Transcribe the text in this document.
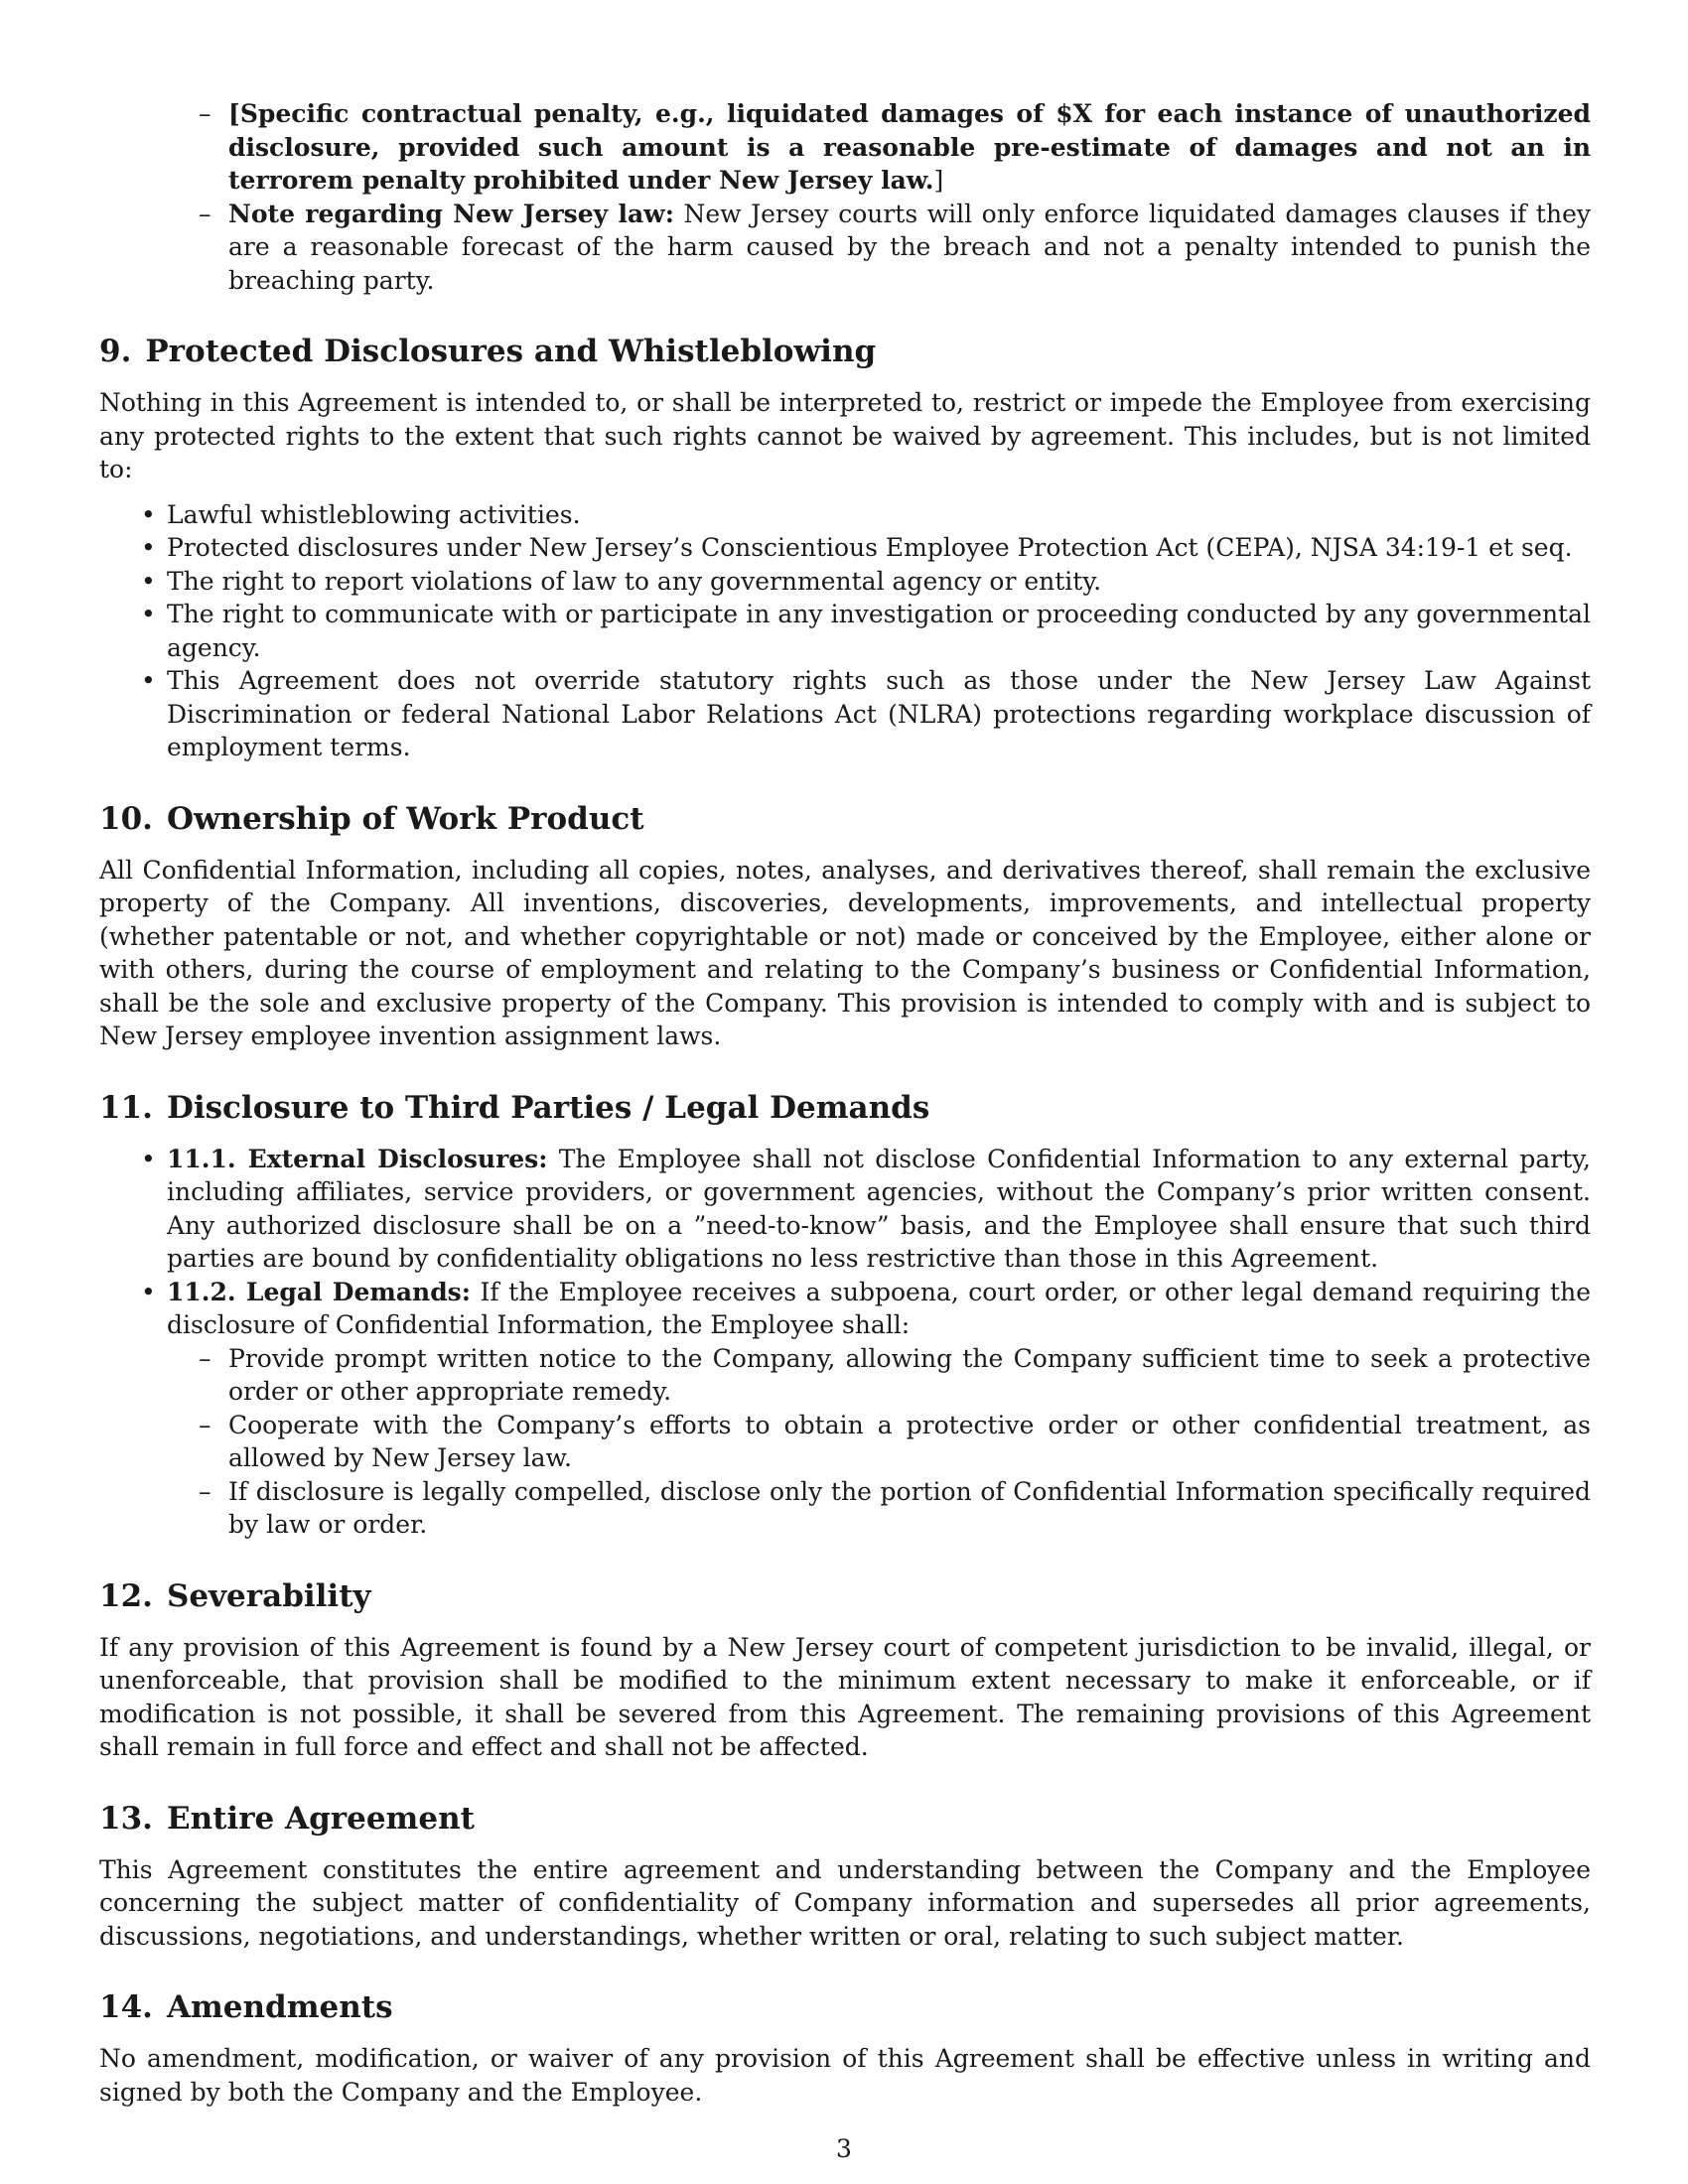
– [Specific contractual penalty, e.g., liquidated damages of $X for each instance of unauthorized disclosure, provided such amount is a reasonable pre-estimate of damages and not an in terrorem penalty prohibited under New Jersey law.]
– Note regarding New Jersey law: New Jersey courts will only enforce liquidated damages clauses if they are a reasonable forecast of the harm caused by the breach and not a penalty intended to punish the breaching party.
9. Protected Disclosures and Whistleblowing

Nothing in this Agreement is intended to, or shall be interpreted to, restrict or impede the Employee from exercising any protected rights to the extent that such rights cannot be waived by agreement. This includes, but is not limited to:

• Lawful whistleblowing activities.
• Protected disclosures under New Jersey’s Conscientious Employee Protection Act (CEPA), NJSA 34:19-1 et seq.
• The right to report violations of law to any governmental agency or entity.
• The right to communicate with or participate in any investigation or proceeding conducted by any governmental agency.
• This Agreement does not override statutory rights such as those under the New Jersey Law Against Discrimination or federal National Labor Relations Act (NLRA) protections regarding workplace discussion of employment terms.
10. Ownership of Work Product

All Confidential Information, including all copies, notes, analyses, and derivatives thereof, shall remain the exclusive property of the Company. All inventions, discoveries, developments, improvements, and intellectual property (whether patentable or not, and whether copyrightable or not) made or conceived by the Employee, either alone or with others, during the course of employment and relating to the Company’s business or Confidential Information, shall be the sole and exclusive property of the Company. This provision is intended to comply with and is subject to New Jersey employee invention assignment laws.

11. Disclosure to Third Parties / Legal Demands
• 11.1. External Disclosures: The Employee shall not disclose Confidential Information to any external party, including affiliates, service providers, or government agencies, without the Company’s prior written consent. Any authorized disclosure shall be on a ”need-to-know” basis, and the Employee shall ensure that such third parties are bound by confidentiality obligations no less restrictive than those in this Agreement.
• 11.2. Legal Demands: If the Employee receives a subpoena, court order, or other legal demand requiring the disclosure of Confidential Information, the Employee shall:
– Provide prompt written notice to the Company, allowing the Company sufficient time to seek a protective order or other appropriate remedy.
– Cooperate with the Company’s efforts to obtain a protective order or other confidential treatment, as allowed by New Jersey law.
– If disclosure is legally compelled, disclose only the portion of Confidential Information specifically required by law or order.
12. Severability

If any provision of this Agreement is found by a New Jersey court of competent jurisdiction to be invalid, illegal, or unenforceable, that provision shall be modified to the minimum extent necessary to make it enforceable, or if modification is not possible, it shall be severed from this Agreement. The remaining provisions of this Agreement shall remain in full force and effect and shall not be affected.

13. Entire Agreement

This Agreement constitutes the entire agreement and understanding between the Company and the Employee concerning the subject matter of confidentiality of Company information and supersedes all prior agreements, discussions, negotiations, and understandings, whether written or oral, relating to such subject matter.

14. Amendments

No amendment, modification, or waiver of any provision of this Agreement shall be effective unless in writing and signed by both the Company and the Employee.

3
